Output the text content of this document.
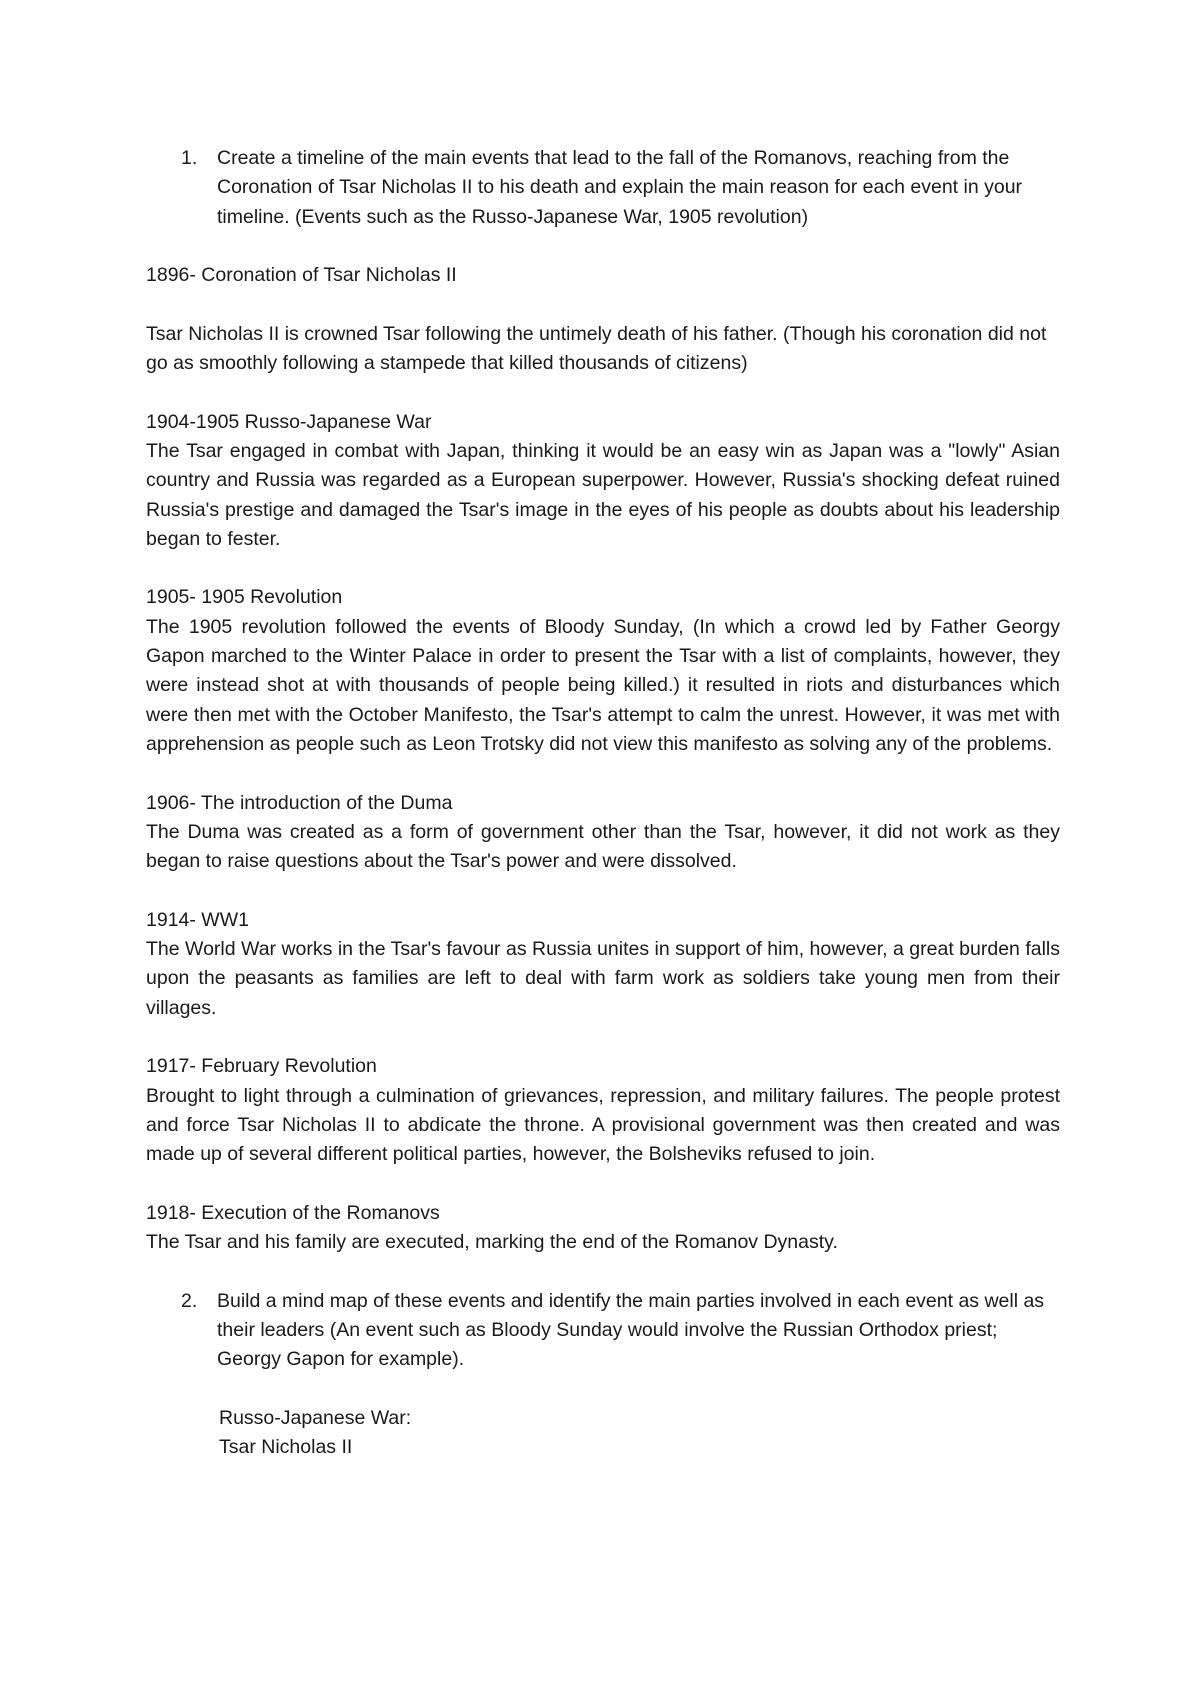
1.	Create a timeline of the main events that lead to the fall of the Romanovs, reaching from the Coronation of Tsar Nicholas II to his death and explain the main reason for each event in your timeline. (Events such as the Russo-Japanese War, 1905 revolution)

1896- Coronation of Tsar Nicholas II

Tsar Nicholas II is crowned Tsar following the untimely death of his father. (Though his coronation did not go as smoothly following a stampede that killed thousands of citizens)

1904-1905 Russo-Japanese War

The Tsar engaged in combat with Japan, thinking it would be an easy win as Japan was a "lowly" Asian country and Russia was regarded as a European superpower. However, Russia's shocking defeat ruined Russia's prestige and damaged the Tsar's image in the eyes of his people as doubts about his leadership began to fester.

1905- 1905 Revolution

The 1905 revolution followed the events of Bloody Sunday, (In which a crowd led by Father Georgy Gapon marched to the Winter Palace in order to present the Tsar with a list of complaints, however, they were instead shot at with thousands of people being killed.) it resulted in riots and disturbances which were then met with the October Manifesto, the Tsar's attempt to calm the unrest. However, it was met with apprehension as people such as Leon Trotsky did not view this manifesto as solving any of the problems.

1906- The introduction of the Duma

The Duma was created as a form of government other than the Tsar, however, it did not work as they began to raise questions about the Tsar's power and were dissolved.

1914- WW1

The World War works in the Tsar's favour as Russia unites in support of him, however, a great burden falls upon the peasants as families are left to deal with farm work as soldiers take young men from their villages.

1917- February Revolution

Brought to light through a culmination of grievances, repression, and military failures. The people protest and force Tsar Nicholas II to abdicate the throne. A provisional government was then created and was made up of several different political parties, however, the Bolsheviks refused to join.

1918- Execution of the Romanovs

The Tsar and his family are executed, marking the end of the Romanov Dynasty.

2.	Build a mind map of these events and identify the main parties involved in each event as well as their leaders (An event such as Bloody Sunday would involve the Russian Orthodox priest; Georgy Gapon for example).

Russo-Japanese War:

Tsar Nicholas II
